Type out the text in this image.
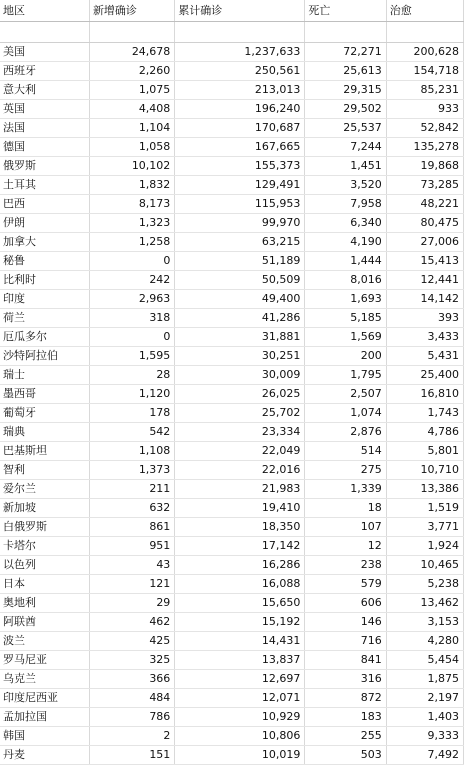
地区	新增确诊	累计确诊	死亡	治愈

美国	24,678	1,237,633	72,271	200,628
西班牙	2,260	250,561	25,613	154,718
意大利	1,075	213,013	29,315	85,231
英国	4,408	196,240	29,502	933
法国	1,104	170,687	25,537	52,842
德国	1,058	167,665	7,244	135,278
俄罗斯	10,102	155,373	1,451	19,868
土耳其	1,832	129,491	3,520	73,285
巴西	8,173	115,953	7,958	48,221
伊朗	1,323	99,970	6,340	80,475
加拿大	1,258	63,215	4,190	27,006
秘鲁	0	51,189	1,444	15,413
比利时	242	50,509	8,016	12,441
印度	2,963	49,400	1,693	14,142
荷兰	318	41,286	5,185	393
厄瓜多尔	0	31,881	1,569	3,433
沙特阿拉伯	1,595	30,251	200	5,431
瑞士	28	30,009	1,795	25,400
墨西哥	1,120	26,025	2,507	16,810
葡萄牙	178	25,702	1,074	1,743
瑞典	542	23,334	2,876	4,786
巴基斯坦	1,108	22,049	514	5,801
智利	1,373	22,016	275	10,710
爱尔兰	211	21,983	1,339	13,386
新加坡	632	19,410	18	1,519
白俄罗斯	861	18,350	107	3,771
卡塔尔	951	17,142	12	1,924
以色列	43	16,286	238	10,465
日本	121	16,088	579	5,238
奥地利	29	15,650	606	13,462
阿联酋	462	15,192	146	3,153
波兰	425	14,431	716	4,280
罗马尼亚	325	13,837	841	5,454
乌克兰	366	12,697	316	1,875
印度尼西亚	484	12,071	872	2,197
孟加拉国	786	10,929	183	1,403
韩国	2	10,806	255	9,333
丹麦	151	10,019	503	7,492
